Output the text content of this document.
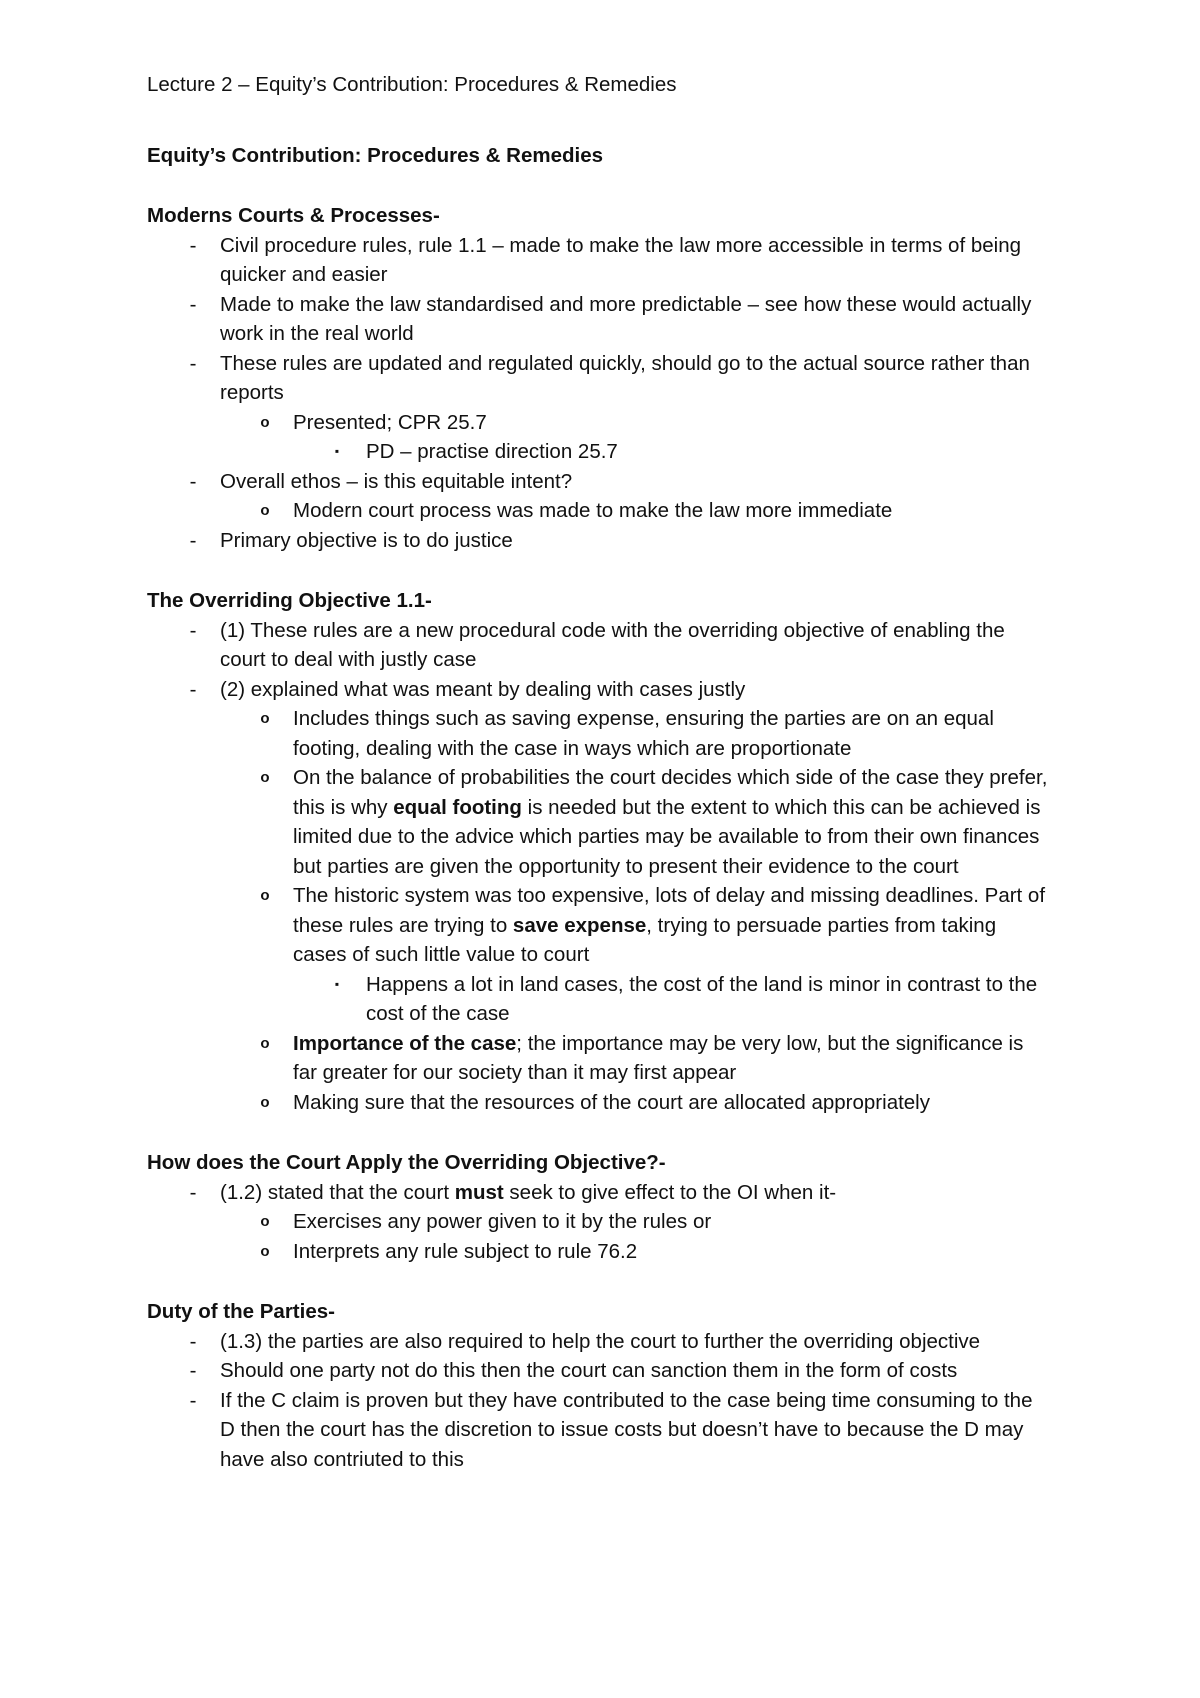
Lecture 2 – Equity’s Contribution: Procedures & Remedies

Equity’s Contribution: Procedures & Remedies

Moderns Courts & Processes-

-	Civil procedure rules, rule 1.1 – made to make the law more accessible in terms of being quicker and easier
-	Made to make the law standardised and more predictable – see how these would actually work in the real world
-	These rules are updated and regulated quickly, should go to the actual source rather than reports
o Presented; CPR 25.7
▪	PD – practise direction 25.7
-	Overall ethos – is this equitable intent?
o Modern court process was made to make the law more immediate
-	Primary objective is to do justice

The Overriding Objective 1.1-

-	(1) These rules are a new procedural code with the overriding objective of enabling the court to deal with justly case
-	(2) explained what was meant by dealing with cases justly
o Includes things such as saving expense, ensuring the parties are on an equal footing, dealing with the case in ways which are proportionate
o On the balance of probabilities the court decides which side of the case they prefer, this is why equal footing is needed but the extent to which this can be achieved is limited due to the advice which parties may be available to from their own finances but parties are given the opportunity to present their evidence to the court
o The historic system was too expensive, lots of delay and missing deadlines. Part of these rules are trying to save expense, trying to persuade parties from taking cases of such little value to court
▪	Happens a lot in land cases, the cost of the land is minor in contrast to the cost of the case
o Importance of the case; the importance may be very low, but the significance is far greater for our society than it may first appear
o Making sure that the resources of the court are allocated appropriately

How does the Court Apply the Overriding Objective?-

-	(1.2) stated that the court must seek to give effect to the OI when it-
o Exercises any power given to it by the rules or
o Interprets any rule subject to rule 76.2

Duty of the Parties-

-	(1.3) the parties are also required to help the court to further the overriding objective
-	Should one party not do this then the court can sanction them in the form of costs
-	If the C claim is proven but they have contributed to the case being time consuming to the D then the court has the discretion to issue costs but doesn’t have to because the D may have also contriuted to this
